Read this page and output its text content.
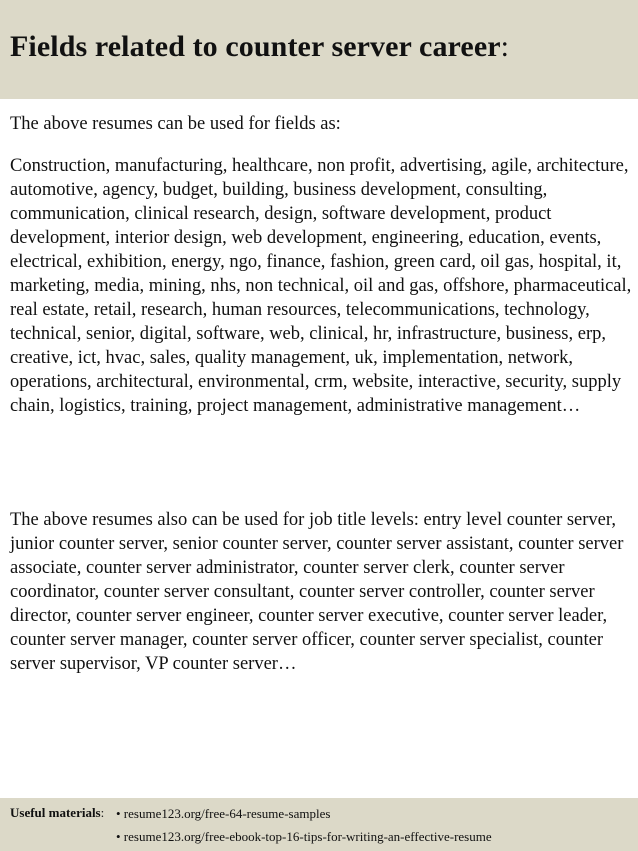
Fields related to counter server career:

The above resumes can be used for fields as:

Construction, manufacturing, healthcare, non profit, advertising, agile, architecture, automotive, agency, budget, building, business development, consulting, communication, clinical research, design, software development, product development, interior design, web development, engineering, education, events, electrical, exhibition, energy, ngo, finance, fashion, green card, oil gas, hospital, it, marketing, media, mining, nhs, non technical, oil and gas, offshore, pharmaceutical, real estate, retail, research, human resources, telecommunications, technology, technical, senior, digital, software, web, clinical, hr, infrastructure, business, erp, creative, ict, hvac, sales, quality management, uk, implementation, network, operations, architectural, environmental, crm, website, interactive, security, supply chain, logistics, training, project management, administrative management…

The above resumes also can be used for job title levels: entry level counter server, junior counter server, senior counter server, counter server assistant, counter server associate, counter server administrator, counter server clerk, counter server coordinator, counter server consultant, counter server controller, counter server director, counter server engineer, counter server executive, counter server leader, counter server manager, counter server officer, counter server specialist, counter server supervisor, VP counter server…

Useful materials: • resume123.org/free-64-resume-samples
• resume123.org/free-ebook-top-16-tips-for-writing-an-effective-resume
